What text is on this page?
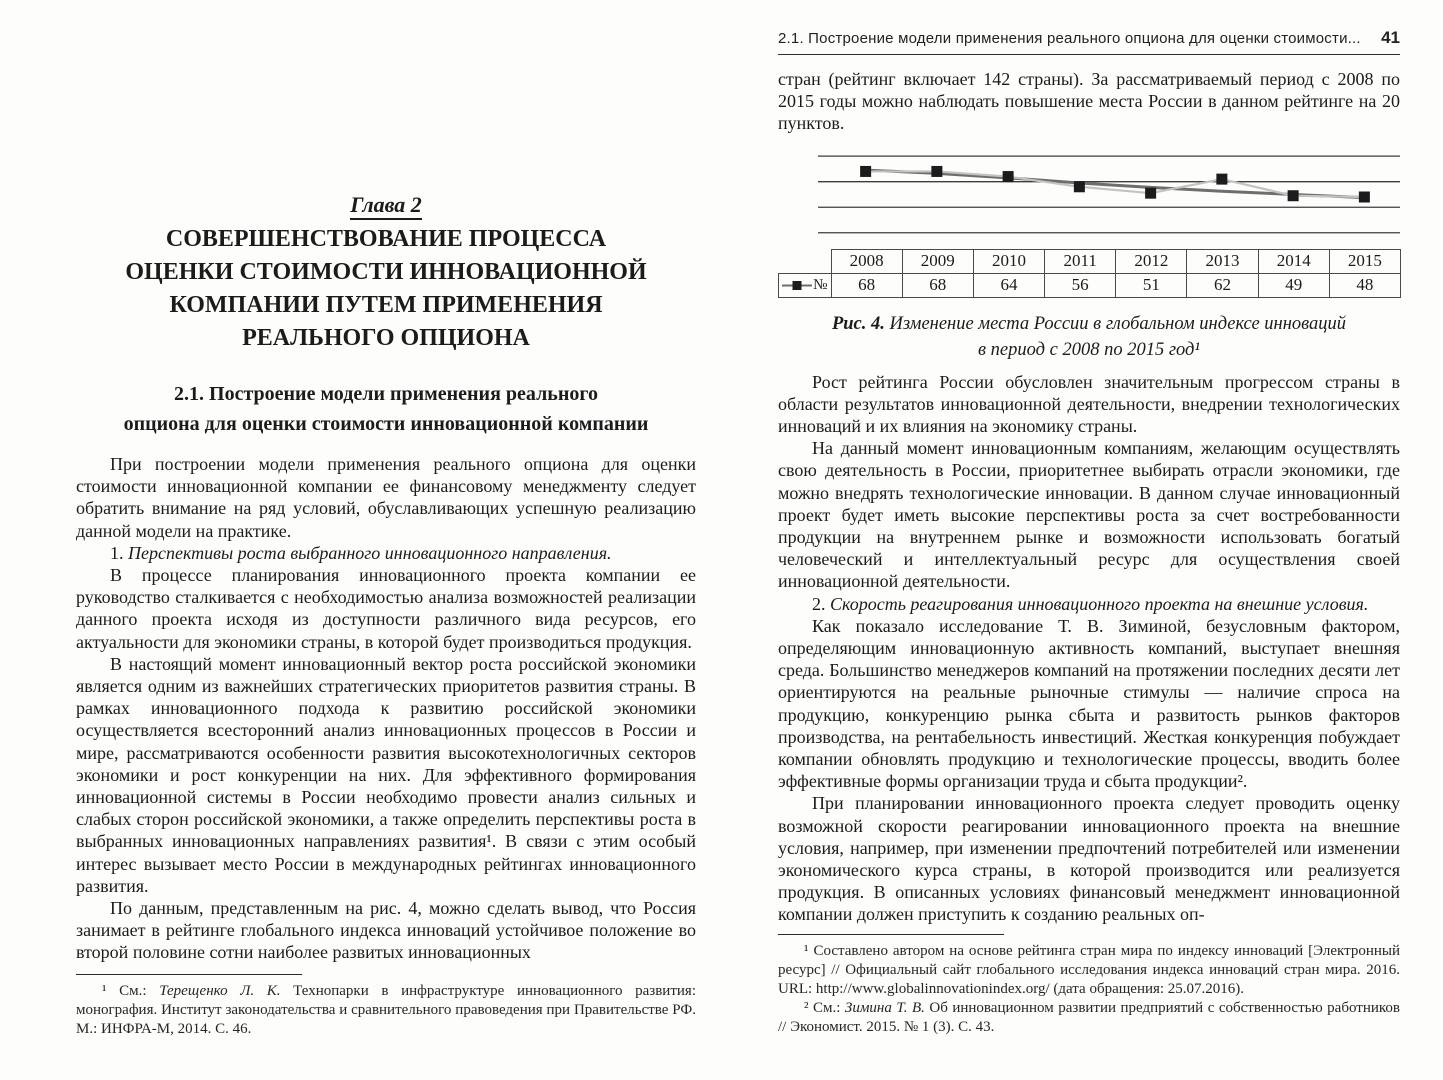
Глава 2
СОВЕРШЕНСТВОВАНИЕ ПРОЦЕССА
ОЦЕНКИ СТОИМОСТИ ИННОВАЦИОННОЙ
КОМПАНИИ ПУТЕМ ПРИМЕНЕНИЯ
РЕАЛЬНОГО ОПЦИОНА
2.1. Построение модели применения реального
опциона для оценки стоимости инновационной компании

При построении модели применения реального опциона для оценки стоимости инновационной компании ее финансовому менеджменту следует обратить внимание на ряд условий, обуславливающих успешную реализацию данной модели на практике.

1. Перспективы роста выбранного инновационного направления.

В процессе планирования инновационного проекта компании ее руководство сталкивается с необходимостью анализа возможностей реализации данного проекта исходя из доступности различного вида ресурсов, его актуальности для экономики страны, в которой будет производиться продукция.

В настоящий момент инновационный вектор роста российской экономики является одним из важнейших стратегических приоритетов развития страны. В рамках инновационного подхода к развитию российской экономики осуществляется всесторонний анализ инновационных процессов в России и мире, рассматриваются особенности развития высокотехнологичных секторов экономики и рост конкуренции на них. Для эффективного формирования инновационной системы в России необходимо провести анализ сильных и слабых сторон российской экономики, а также определить перспективы роста в выбранных инновационных направлениях развития¹. В связи с этим особый интерес вызывает место России в международных рейтингах инновационного развития.

По данным, представленным на рис. 4, можно сделать вывод, что Россия занимает в рейтинге глобального индекса инноваций устойчивое положение во второй половине сотни наиболее развитых инновационных

¹ См.: Терещенко Л. К. Технопарки в инфраструктуре инновационного развития: монография. Институт законодательства и сравнительного правоведения при Правительстве РФ. М.: ИНФРА-М, 2014. С. 46.
2.1. Построение модели применения реального опциона для оценки стоимости... 41

стран (рейтинг включает 142 страны). За рассматриваемый период с 2008 по 2015 годы можно наблюдать повышение места России в данном рейтинге на 20 пунктов.

	2008	2009	2010	2011	2012	2013	2014	2015

№	68	68	64	56	51	62	49	48
Рис. 4. Изменение места России в глобальном индексе инноваций
в период с 2008 по 2015 год¹

Рост рейтинга России обусловлен значительным прогрессом страны в области результатов инновационной деятельности, внедрении технологических инноваций и их влияния на экономику страны.

На данный момент инновационным компаниям, желающим осуществлять свою деятельность в России, приоритетнее выбирать отрасли экономики, где можно внедрять технологические инновации. В данном случае инновационный проект будет иметь высокие перспективы роста за счет востребованности продукции на внутреннем рынке и возможности использовать богатый человеческий и интеллектуальный ресурс для осуществления своей инновационной деятельности.

2. Скорость реагирования инновационного проекта на внешние условия.

Как показало исследование Т. В. Зиминой, безусловным фактором, определяющим инновационную активность компаний, выступает внешняя среда. Большинство менеджеров компаний на протяжении последних десяти лет ориентируются на реальные рыночные стимулы — наличие спроса на продукцию, конкуренцию рынка сбыта и развитость рынков факторов производства, на рентабельность инвестиций. Жесткая конкуренция побуждает компании обновлять продукцию и технологические процессы, вводить более эффективные формы организации труда и сбыта продукции².

При планировании инновационного проекта следует проводить оценку возможной скорости реагировании инновационного проекта на внешние условия, например, при изменении предпочтений потребителей или изменении экономического курса страны, в которой производится или реализуется продукция. В описанных условиях финансовый менеджмент инновационной компании должен приступить к созданию реальных оп-

¹ Составлено автором на основе рейтинга стран мира по индексу инноваций [Электронный ресурс] // Официальный сайт глобального исследования индекса инноваций стран мира. 2016. URL: http://www.globalinnovationindex.org/ (дата обращения: 25.07.2016).
² См.: Зимина Т. В. Об инновационном развитии предприятий с собственностью работников // Экономист. 2015. № 1 (3). С. 43.
